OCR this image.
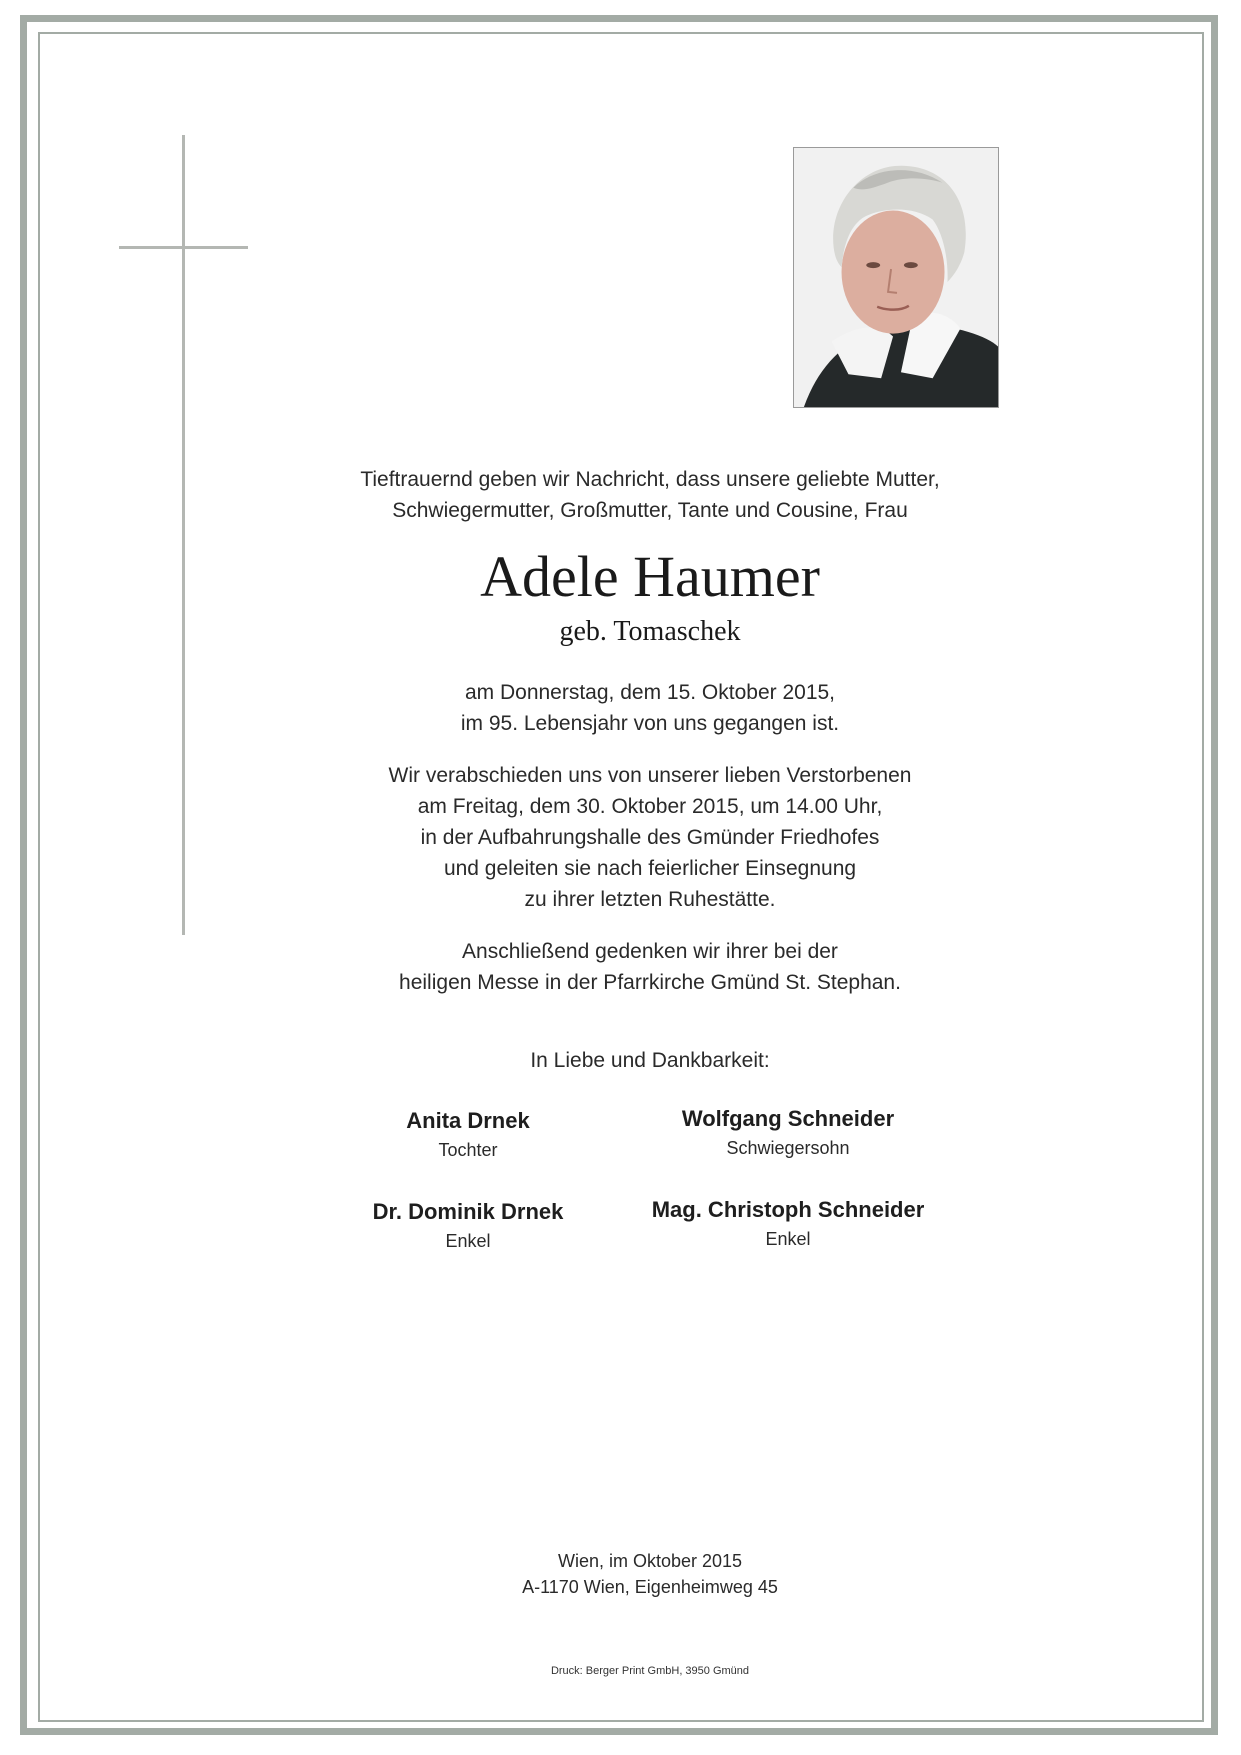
Tieftrauernd geben wir Nachricht, dass unsere geliebte Mutter,
Schwiegermutter, Großmutter, Tante und Cousine, Frau
Adele Haumer
geb. Tomaschek
am Donnerstag, dem 15. Oktober 2015,
im 95. Lebensjahr von uns gegangen ist.
Wir verabschieden uns von unserer lieben Verstorbenen
am Freitag, dem 30. Oktober 2015, um 14.00 Uhr,
in der Aufbahrungshalle des Gmünder Friedhofes
und geleiten sie nach feierlicher Einsegnung
zu ihrer letzten Ruhestätte.
Anschließend gedenken wir ihrer bei der
heiligen Messe in der Pfarrkirche Gmünd St. Stephan.
In Liebe und Dankbarkeit:
Anita Drnek
Tochter
Wolfgang Schneider
Schwiegersohn
Dr. Dominik Drnek
Enkel
Mag. Christoph Schneider
Enkel
Wien, im Oktober 2015
A-1170 Wien, Eigenheimweg 45
Druck: Berger Print GmbH, 3950 Gmünd
